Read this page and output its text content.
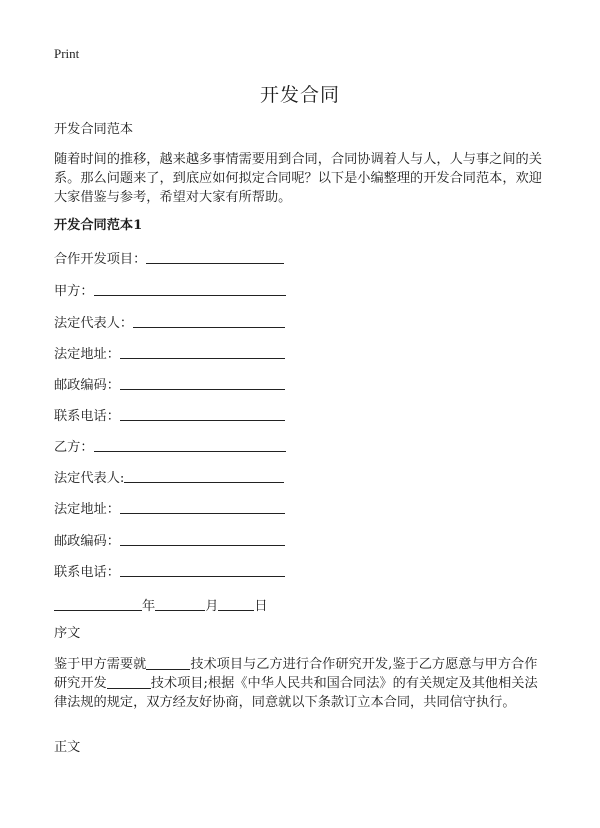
Print
开发合同

开发合同范本

随着时间的推移，越来越多事情需要用到合同，合同协调着人与人，人与事之间的关系。那么问题来了，到底应如何拟定合同呢？以下是小编整理的开发合同范本，欢迎大家借鉴与参考，希望对大家有所帮助。

开发合同范本1

合作开发项目：
甲方：
法定代表人：
法定地址：
邮政编码：
联系电话：
乙方：
法定代表人:
法定地址：
邮政编码：
联系电话：
年	月	日

序文

鉴于甲方需要就	技术项目与乙方进行合作研究开发,鉴于乙方愿意与甲方合作研究开发	技术项目;根据《中华人民共和国合同法》的有关规定及其他相关法律法规的规定，双方经友好协商，同意就以下条款订立本合同，共同信守执行。

正文
